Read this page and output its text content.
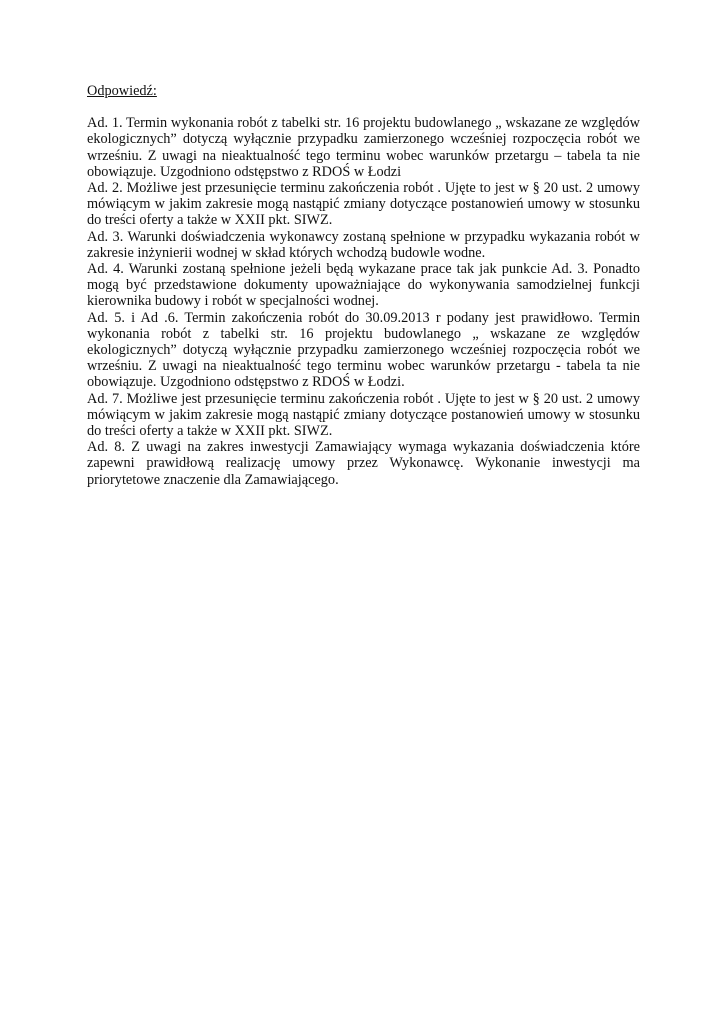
Odpowiedź:

Ad. 1. Termin wykonania robót z tabelki str. 16 projektu budowlanego „ wskazane ze względów ekologicznych” dotyczą wyłącznie przypadku zamierzonego wcześniej rozpoczęcia robót we wrześniu. Z uwagi na nieaktualność tego terminu wobec warunków przetargu – tabela ta nie obowiązuje. Uzgodniono odstępstwo z RDOŚ w Łodzi

Ad. 2. Możliwe jest przesunięcie terminu zakończenia robót . Ujęte to jest w § 20 ust. 2 umowy mówiącym w jakim zakresie mogą nastąpić zmiany dotyczące postanowień umowy w stosunku do treści oferty a także w XXII pkt. SIWZ.

Ad. 3. Warunki doświadczenia wykonawcy zostaną spełnione w przypadku wykazania robót w zakresie inżynierii wodnej w skład których wchodzą budowle wodne.

Ad. 4. Warunki zostaną spełnione jeżeli będą wykazane prace tak jak punkcie Ad. 3. Ponadto mogą być przedstawione dokumenty upoważniające do wykonywania samodzielnej funkcji kierownika budowy i robót w specjalności wodnej.

Ad. 5. i Ad .6. Termin zakończenia robót do 30.09.2013 r podany jest prawidłowo. Termin wykonania robót z tabelki str. 16 projektu budowlanego „ wskazane ze względów ekologicznych” dotyczą wyłącznie przypadku zamierzonego wcześniej rozpoczęcia robót we wrześniu. Z uwagi na nieaktualność tego terminu wobec warunków przetargu - tabela ta nie obowiązuje. Uzgodniono odstępstwo z RDOŚ w Łodzi.

Ad. 7. Możliwe jest przesunięcie terminu zakończenia robót . Ujęte to jest w § 20 ust. 2 umowy mówiącym w jakim zakresie mogą nastąpić zmiany dotyczące postanowień umowy w stosunku do treści oferty a także w XXII pkt. SIWZ.

Ad. 8. Z uwagi na zakres inwestycji Zamawiający wymaga wykazania doświadczenia które zapewni prawidłową realizację umowy przez Wykonawcę. Wykonanie inwestycji ma priorytetowe znaczenie dla Zamawiającego.
